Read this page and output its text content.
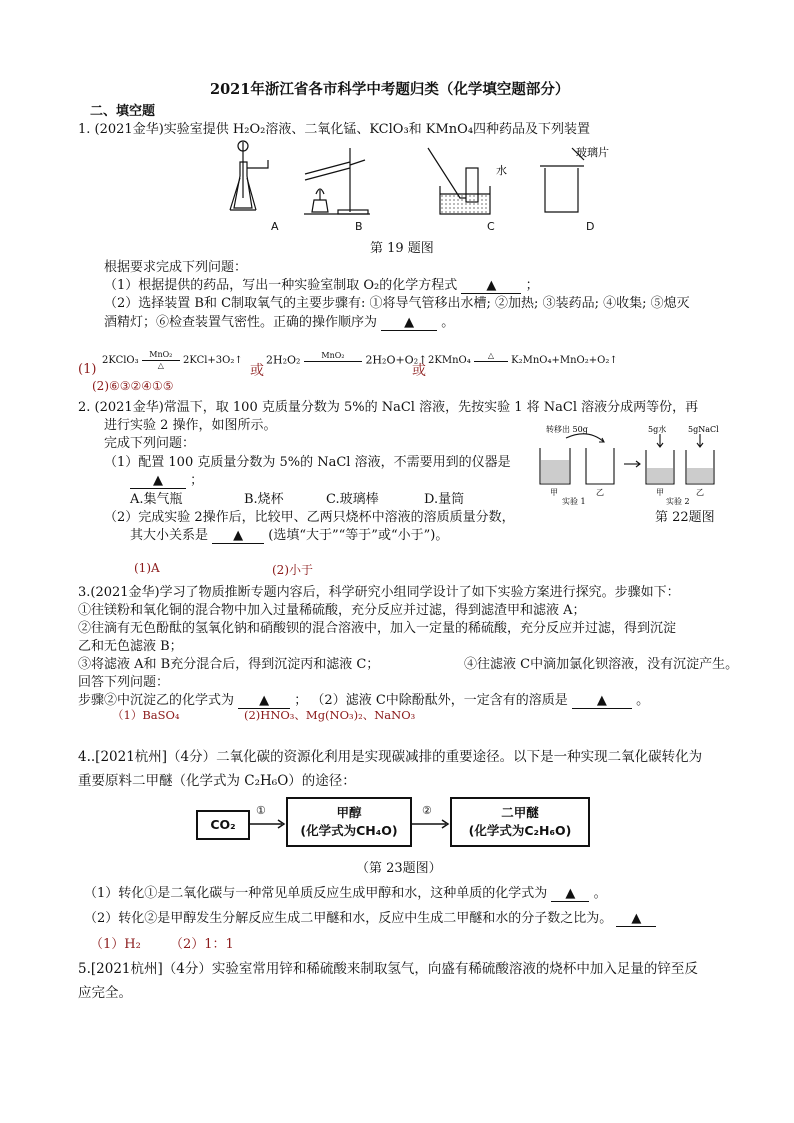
2021年浙江省各市科学中考题归类（化学填空题部分）
二、填空题
1. (2021金华)实验室提供 H₂O₂溶液、二氧化锰、KClO₃和 KMnO₄四种药品及下列装置
水
玻璃片
A	B	C	D
第 19 题图
根据要求完成下列问题：
（1）根据提供的药品，写出一种实验室制取 O₂的化学方程式 ▲ ；
（2）选择装置 B和 C制取氧气的主要步骤有: ①将导气管移出水槽; ②加热; ③装药品; ④收集; ⑤熄灭
酒精灯；⑥检查装置气密性。正确的操作顺序为 ▲ 。
(1)
2KClO₃ MnO₂

△ 2KCl+3O₂↑
或
2H₂O₂	MnO₂ 2H₂O+O₂↑
或
2KMnO₄ △ K₂MnO₄+MnO₂+O₂↑
(2)⑥③②④①⑤
2. (2021金华)常温下，取 100 克质量分数为 5%的 NaCl 溶液，先按实验 1 将 NaCl 溶液分成两等份，再
进行实验 2 操作，如图所示。
完成下列问题：
（1）配置 100 克质量分数为 5%的 NaCl 溶液，不需要用到的仪器是
▲ ；
A.集气瓶	B.烧杯	C.玻璃棒	D.量筒
（2）完成实验 2操作后，比较甲、乙两只烧杯中溶液的溶质质量分数，
其大小关系是 ▲ (选填“大于”“等于”或“小于”)。
转移出 50g	5g水	5gNaCl
甲	乙
实验 1
甲	乙
实验 2
第 22题图
(1)A	(2)小于
3.(2021金华)学习了物质推断专题内容后，科学研究小组同学设计了如下实验方案进行探究。步骤如下：
①往镁粉和氧化铜的混合物中加入过量稀硫酸，充分反应并过滤，得到滤渣甲和滤液 A；
②往滴有无色酚酞的氢氧化钠和硝酸钡的混合溶液中，加入一定量的稀硫酸，充分反应并过滤，得到沉淀
乙和无色滤液 B；
③将滤液 A和 B充分混合后，得到沉淀丙和滤液 C；	④往滤液 C中滴加氯化钡溶液，没有沉淀产生。
回答下列问题：
步骤②中沉淀乙的化学式为 ▲ ； （2）滤液 C中除酚酞外，一定含有的溶质是 ▲ 。
（1）BaSO₄	(2)HNO₃、Mg(NO₃)₂、NaNO₃
4..[2021杭州]（4分）二氧化碳的资源化利用是实现碳减排的重要途径。以下是一种实现二氧化碳转化为
重要原料二甲醚（化学式为 C₂H₆O）的途径：
CO₂
①	甲醇
(化学式为CH₄O)
②	二甲醚
(化学式为C₂H₆O)
（第 23题图）
（1）转化①是二氧化碳与一种常见单质反应生成甲醇和水，这种单质的化学式为 ▲ 。
（2）转化②是甲醇发生分解反应生成二甲醚和水，反应中生成二甲醚和水的分子数之比为。 ▲
（1）H₂ （2）1：1
5.[2021杭州]（4分）实验室常用锌和稀硫酸来制取氢气，向盛有稀硫酸溶液的烧杯中加入足量的锌至反
应完全。
